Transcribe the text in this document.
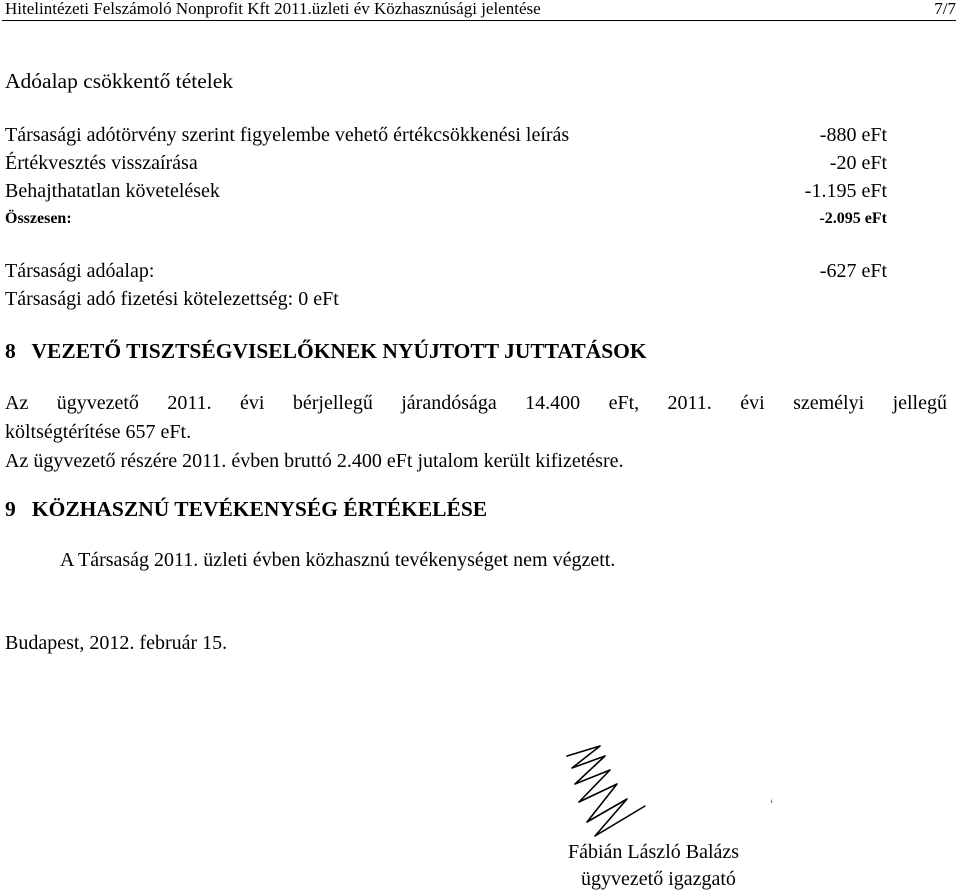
Hitelintézeti Felszámoló Nonprofit Kft 2011.üzleti év Közhasznúsági jelentése	7/7
Adóalap csökkentő tételek
Társasági adótörvény szerint figyelembe vehető értékcsökkenési leírás	-880 eFt
Értékvesztés visszaírása	-20 eFt
Behajthatatlan követelések	-1.195 eFt
Összesen:	-2.095 eFt
Társasági adóalap:	-627 eFt
Társasági adó fizetési kötelezettség: 0 eFt
8   VEZETŐ TISZTSÉGVISELŐKNEK NYÚJTOTT JUTTATÁSOK
Az ügyvezető 2011. évi bérjellegű járandósága 14.400 eFt, 2011. évi személyi jellegű
költségtérítése 657 eFt.
Az ügyvezető részére 2011. évben bruttó 2.400 eFt jutalom került kifizetésre.
9   KÖZHASZNÚ TEVÉKENYSÉG ÉRTÉKELÉSE
A Társaság 2011. üzleti évben közhasznú tevékenységet nem végzett.
Budapest, 2012. február 15.
Fábián László Balázs
ügyvezető igazgató
